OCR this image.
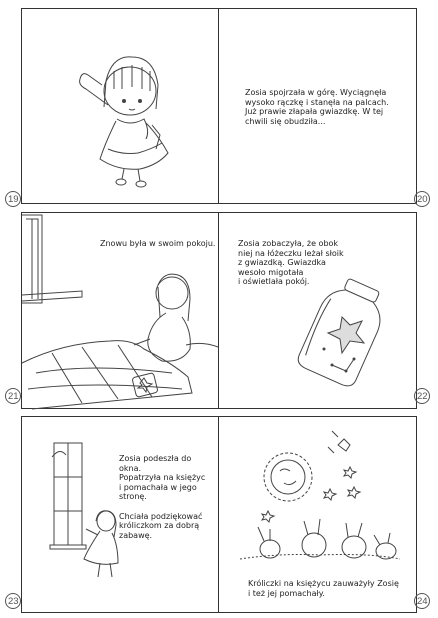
Zosia spojrzała w górę. Wyciągnęła
wysoko rączkę i stanęła na palcach.
Już prawie złapała gwiazdkę. W tej
chwili się obudziła...
19	20
Znowu była w swoim pokoju.	Zosia zobaczyła, że obok
niej na łóżeczku leżał słoik
z gwiazdką. Gwiazdka
wesoło migotała
i oświetlała pokój.
21	22
Zosia podeszła do okna.
Popatrzyła na księżyc
i pomachała w jego
stronę.

Chciała podziękować
króliczkom za dobrą
zabawę.
Króliczki na księżycu zauważyły Zosię
i też jej pomachały.
23	24
